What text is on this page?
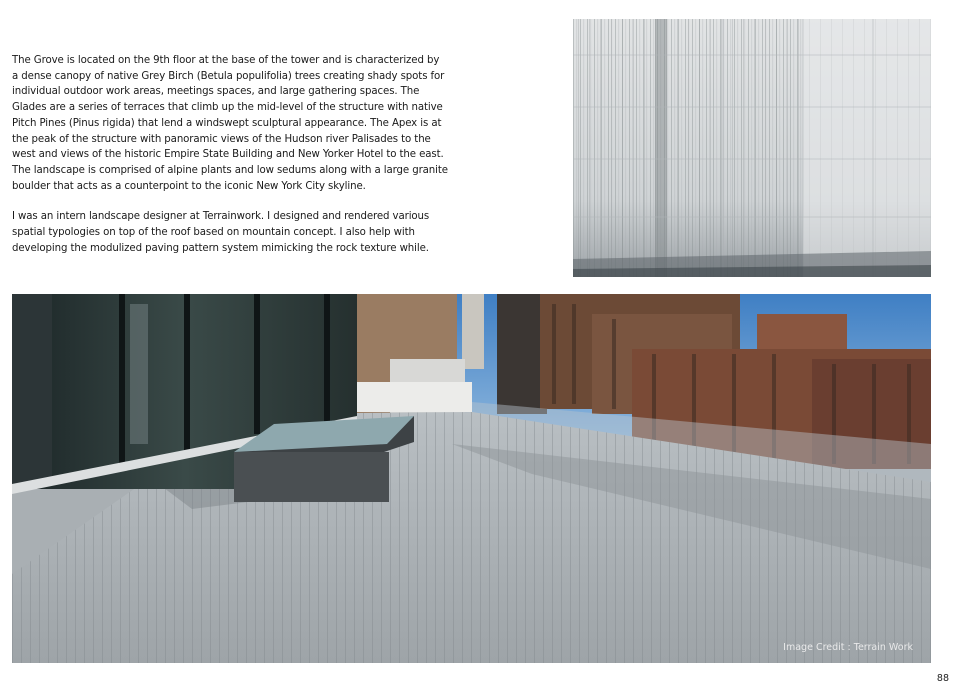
The Grove is located on the 9th floor at the base of the tower and is characterized by a dense canopy of native Grey Birch (Betula populifolia) trees creating shady spots for individual outdoor work areas, meetings spaces, and large gathering spaces. The Glades are a series of terraces that climb up the mid-level of the structure with native Pitch Pines (Pinus rigida) that lend a windswept sculptural appearance. The Apex is at the peak of the structure with panoramic views of the Hudson river Palisades to the west and views of the historic Empire State Building and New Yorker Hotel to the east. The landscape is comprised of alpine plants and low sedums along with a large granite boulder that acts as a counterpoint to the iconic New York City skyline.

I was an intern landscape designer at Terrainwork. I designed and rendered various spatial typologies on top of the roof based on mountain concept. I also help with developing the modulized paving pattern system mimicking the rock texture while.

Image Credit : Terrain Work
88
